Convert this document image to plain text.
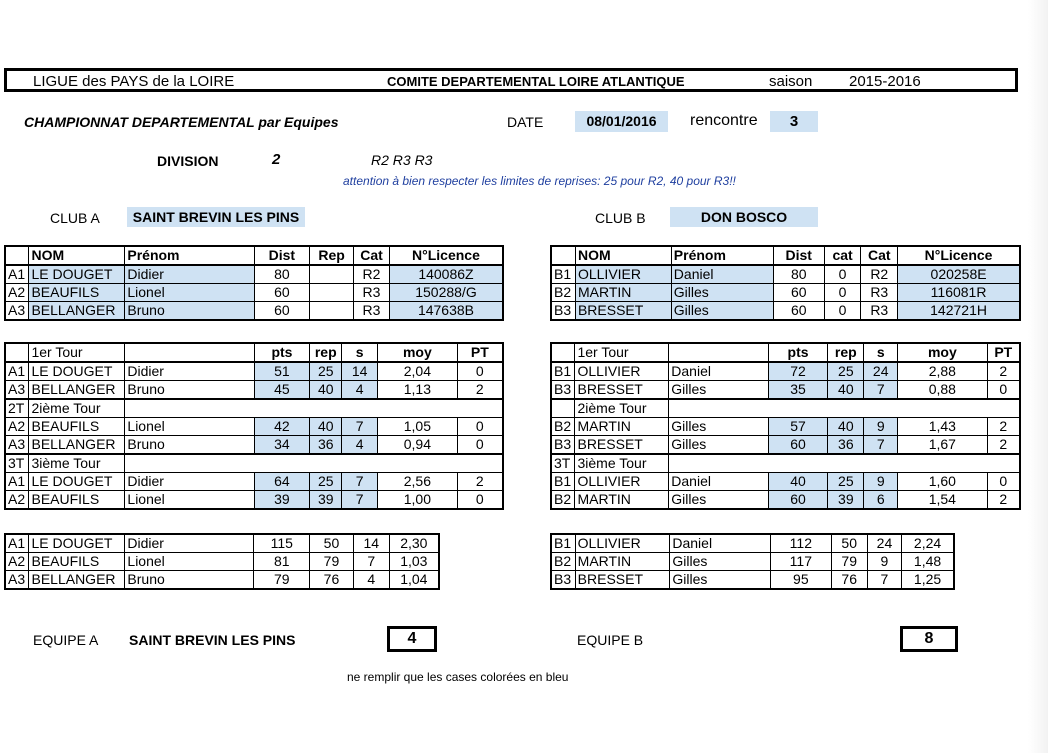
LIGUE des PAYS de la LOIRE	COMITE DEPARTEMENTAL LOIRE ATLANTIQUE	saison 2015-2016
CHAMPIONNAT DEPARTEMENTAL par Equipes	DATE	08/01/2016	rencontre	3
DIVISION	2	R2 R3 R3
attention à bien respecter les limites de reprises: 25 pour R2, 40 pour R3!!
CLUB A	SAINT BREVIN LES PINS	CLUB B	DON BOSCO
	NOM	Prénom	Dist	Rep	Cat	N°Licence
A1	LE DOUGET	Didier	80		R2	140086Z
A2	BEAUFILS	Lionel	60		R3	150288/G
A3	BELLANGER	Bruno	60		R3	147638B
	NOM	Prénom	Dist	cat	Cat	N°Licence
B1	OLLIVIER	Daniel	80	0	R2	020258E
B2	MARTIN	Gilles	60	0	R3	116081R
B3	BRESSET	Gilles	60	0	R3	142721H
	1er Tour		pts	rep	s	moy	PT
A1	LE DOUGET	Didier	51	25	14	2,04	0
A3	BELLANGER	Bruno	45	40	4	1,13	2
2T	2ième Tour						
A2	BEAUFILS	Lionel	42	40	7	1,05	0
A3	BELLANGER	Bruno	34	36	4	0,94	0
3T	3ième Tour						
A1	LE DOUGET	Didier	64	25	7	2,56	2
A2	BEAUFILS	Lionel	39	39	7	1,00	0
	1er Tour		pts	rep	s	moy	PT
B1	OLLIVIER	Daniel	72	25	24	2,88	2
B3	BRESSET	Gilles	35	40	7	0,88	0
	2ième Tour						
B2	MARTIN	Gilles	57	40	9	1,43	2
B3	BRESSET	Gilles	60	36	7	1,67	2
3T	3ième Tour						
B1	OLLIVIER	Daniel	40	25	9	1,60	0
B2	MARTIN	Gilles	60	39	6	1,54	2
A1	LE DOUGET	Didier	115	50	14	2,30
A2	BEAUFILS	Lionel	81	79	7	1,03
A3	BELLANGER	Bruno	79	76	4	1,04
B1	OLLIVIER	Daniel	112	50	24	2,24
B2	MARTIN	Gilles	117	79	9	1,48
B3	BRESSET	Gilles	95	76	7	1,25
EQUIPE A SAINT BREVIN LES PINS	4	EQUIPE B	8
ne remplir que les cases colorées en bleu
